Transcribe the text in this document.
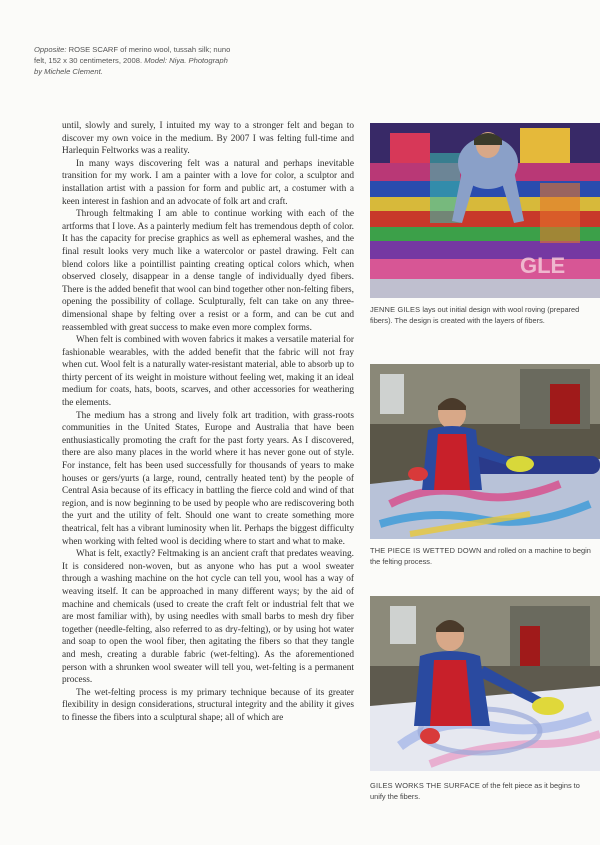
Opposite: ROSE SCARF of merino wool, tussah silk; nuno felt, 152 x 30 centimeters, 2008. Model: Niya. Photograph by Michele Clement.

until, slowly and surely, I intuited my way to a stronger felt and began to discover my own voice in the medium. By 2007 I was felting full-time and Harlequin Feltworks was a reality.

In many ways discovering felt was a natural and perhaps inevitable transition for my work. I am a painter with a love for color, a sculptor and installation artist with a passion for form and public art, a costumer with a keen interest in fashion and an advocate of folk art and craft.

Through feltmaking I am able to continue working with each of the artforms that I love. As a painterly medium felt has tremendous depth of color. It has the capacity for precise graphics as well as ephemeral washes, and the final result looks very much like a watercolor or pastel drawing. Felt can blend colors like a pointillist painting creating optical colors which, when observed closely, disappear in a dense tangle of individually dyed fibers. There is the added benefit that wool can bind together other non-felting fibers, opening the possibility of collage. Sculpturally, felt can take on any three-dimensional shape by felting over a resist or a form, and can be cut and reassembled with great success to make even more complex forms.

When felt is combined with woven fabrics it makes a versatile material for fashionable wearables, with the added benefit that the fabric will not fray when cut. Wool felt is a naturally water-resistant material, able to absorb up to thirty percent of its weight in moisture without feeling wet, making it an ideal medium for coats, hats, boots, scarves, and other accessories for weathering the elements.

The medium has a strong and lively folk art tradition, with grass-roots communities in the United States, Europe and Australia that have been enthusiastically promoting the craft for the past forty years. As I discovered, there are also many places in the world where it has never gone out of style. For instance, felt has been used successfully for thousands of years to make houses or gers/yurts (a large, round, centrally heated tent) by the people of Central Asia because of its efficacy in battling the fierce cold and wind of that region, and is now beginning to be used by people who are rediscovering both the yurt and the utility of felt. Should one want to create something more theatrical, felt has a vibrant luminosity when lit. Perhaps the biggest difficulty when working with felted wool is deciding where to start and what to make.

What is felt, exactly? Feltmaking is an ancient craft that predates weaving. It is considered non-woven, but as anyone who has put a wool sweater through a washing machine on the hot cycle can tell you, wool has a way of weaving itself. It can be approached in many different ways; by the aid of machine and chemicals (used to create the craft felt or industrial felt that we are most familiar with), by using needles with small barbs to mesh dry fiber together (needle-felting, also referred to as dry-felting), or by using hot water and soap to open the wool fiber, then agitating the fibers so that they tangle and mesh, creating a durable fabric (wet-felting). As the aforementioned person with a shrunken wool sweater will tell you, wet-felting is a permanent process.

The wet-felting process is my primary technique because of its greater flexibility in design considerations, structural integrity and the ability it gives to finesse the fibers into a sculptural shape; all of which are

GLE
JENNE GILES lays out initial design with wool roving (prepared fibers). The design is created with the layers of fibers.
THE PIECE IS WETTED DOWN and rolled on a machine to begin the felting process.
GILES WORKS THE SURFACE of the felt piece as it begins to unify the fibers.
